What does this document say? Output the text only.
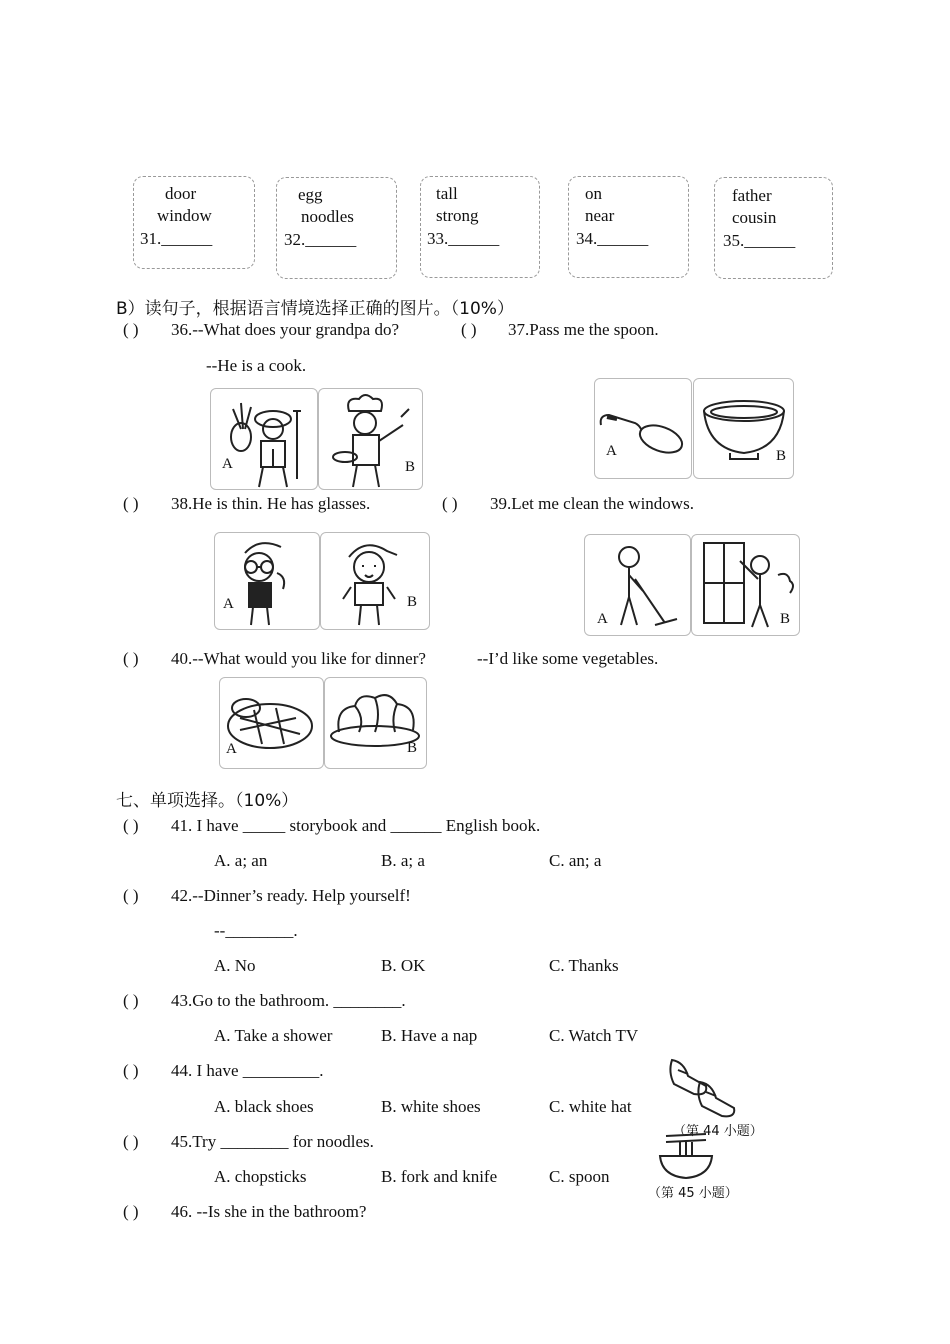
door
window
31.______
egg
noodles
32.______
tall
strong
33.______
on
near
34.______
father
cousin
35.______
B）读句子，根据语言情境选择正确的图片。（10%）
( ) 36.--What does your grandpa do?	( ) 37.Pass me the spoon.
--He is a cook.
A	B
A	B
( ) 38.He is thin. He has glasses.	( ) 39.Let me clean the windows.
A	B
A	B
( ) 40.--What would you like for dinner?	--I’d like some vegetables.
A	B
七、单项选择。（10%）
( ) 41. I have _____ storybook and ______ English book.
A. a; an	B. a; a	C. an; a
( ) 42.--Dinner’s ready. Help yourself!
--________.
A. No	B. OK	C. Thanks
( ) 43.Go to the bathroom. ________.
A. Take a shower	B. Have a nap	C. Watch TV
( ) 44. I have _________.
A. black shoes	B. white shoes	C. white hat
（第 44 小题）
( ) 45.Try ________ for noodles.
A. chopsticks	B. fork and knife	C. spoon
（第 45 小题）
( ) 46. --Is she in the bathroom?
